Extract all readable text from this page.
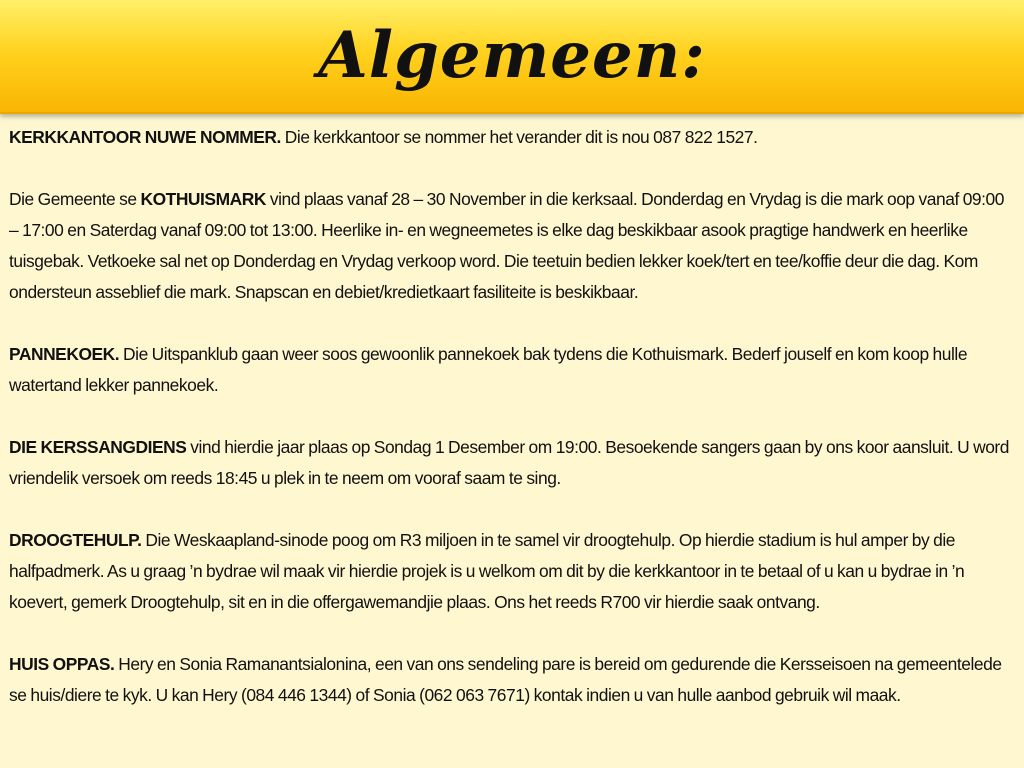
Algemeen:

KERKKANTOOR NUWE NOMMER. Die kerkkantoor se nommer het verander dit is nou 087 822 1527.

Die Gemeente se KOTHUISMARK vind plaas vanaf 28 – 30 November in die kerksaal. Donderdag en Vrydag is die mark oop vanaf 09:00 – 17:00 en Saterdag vanaf 09:00 tot 13:00. Heerlike in- en wegneemetes is elke dag beskikbaar asook pragtige handwerk en heerlike tuisgebak. Vetkoeke sal net op Donderdag en Vrydag verkoop word. Die teetuin bedien lekker koek/tert en tee/koffie deur die dag. Kom ondersteun asseblief die mark. Snapscan en debiet/kredietkaart fasiliteite is beskikbaar.

PANNEKOEK. Die Uitspanklub gaan weer soos gewoonlik pannekoek bak tydens die Kothuismark. Bederf jouself en kom koop hulle watertand lekker pannekoek.

DIE KERSSANGDIENS vind hierdie jaar plaas op Sondag 1 Desember om 19:00. Besoekende sangers gaan by ons koor aansluit. U word vriendelik versoek om reeds 18:45 u plek in te neem om vooraf saam te sing.

DROOGTEHULP. Die Weskaapland-sinode poog om R3 miljoen in te samel vir droogtehulp. Op hierdie stadium is hul amper by die halfpadmerk. As u graag ’n bydrae wil maak vir hierdie projek is u welkom om dit by die kerkkantoor in te betaal of u kan u bydrae in ’n koevert, gemerk Droogtehulp, sit en in die offergawemandjie plaas. Ons het reeds R700 vir hierdie saak ontvang.

HUIS OPPAS. Hery en Sonia Ramanantsialonina, een van ons sendeling pare is bereid om gedurende die Kersseisoen na gemeentelede se huis/diere te kyk. U kan Hery (084 446 1344) of Sonia (062 063 7671) kontak indien u van hulle aanbod gebruik wil maak.
